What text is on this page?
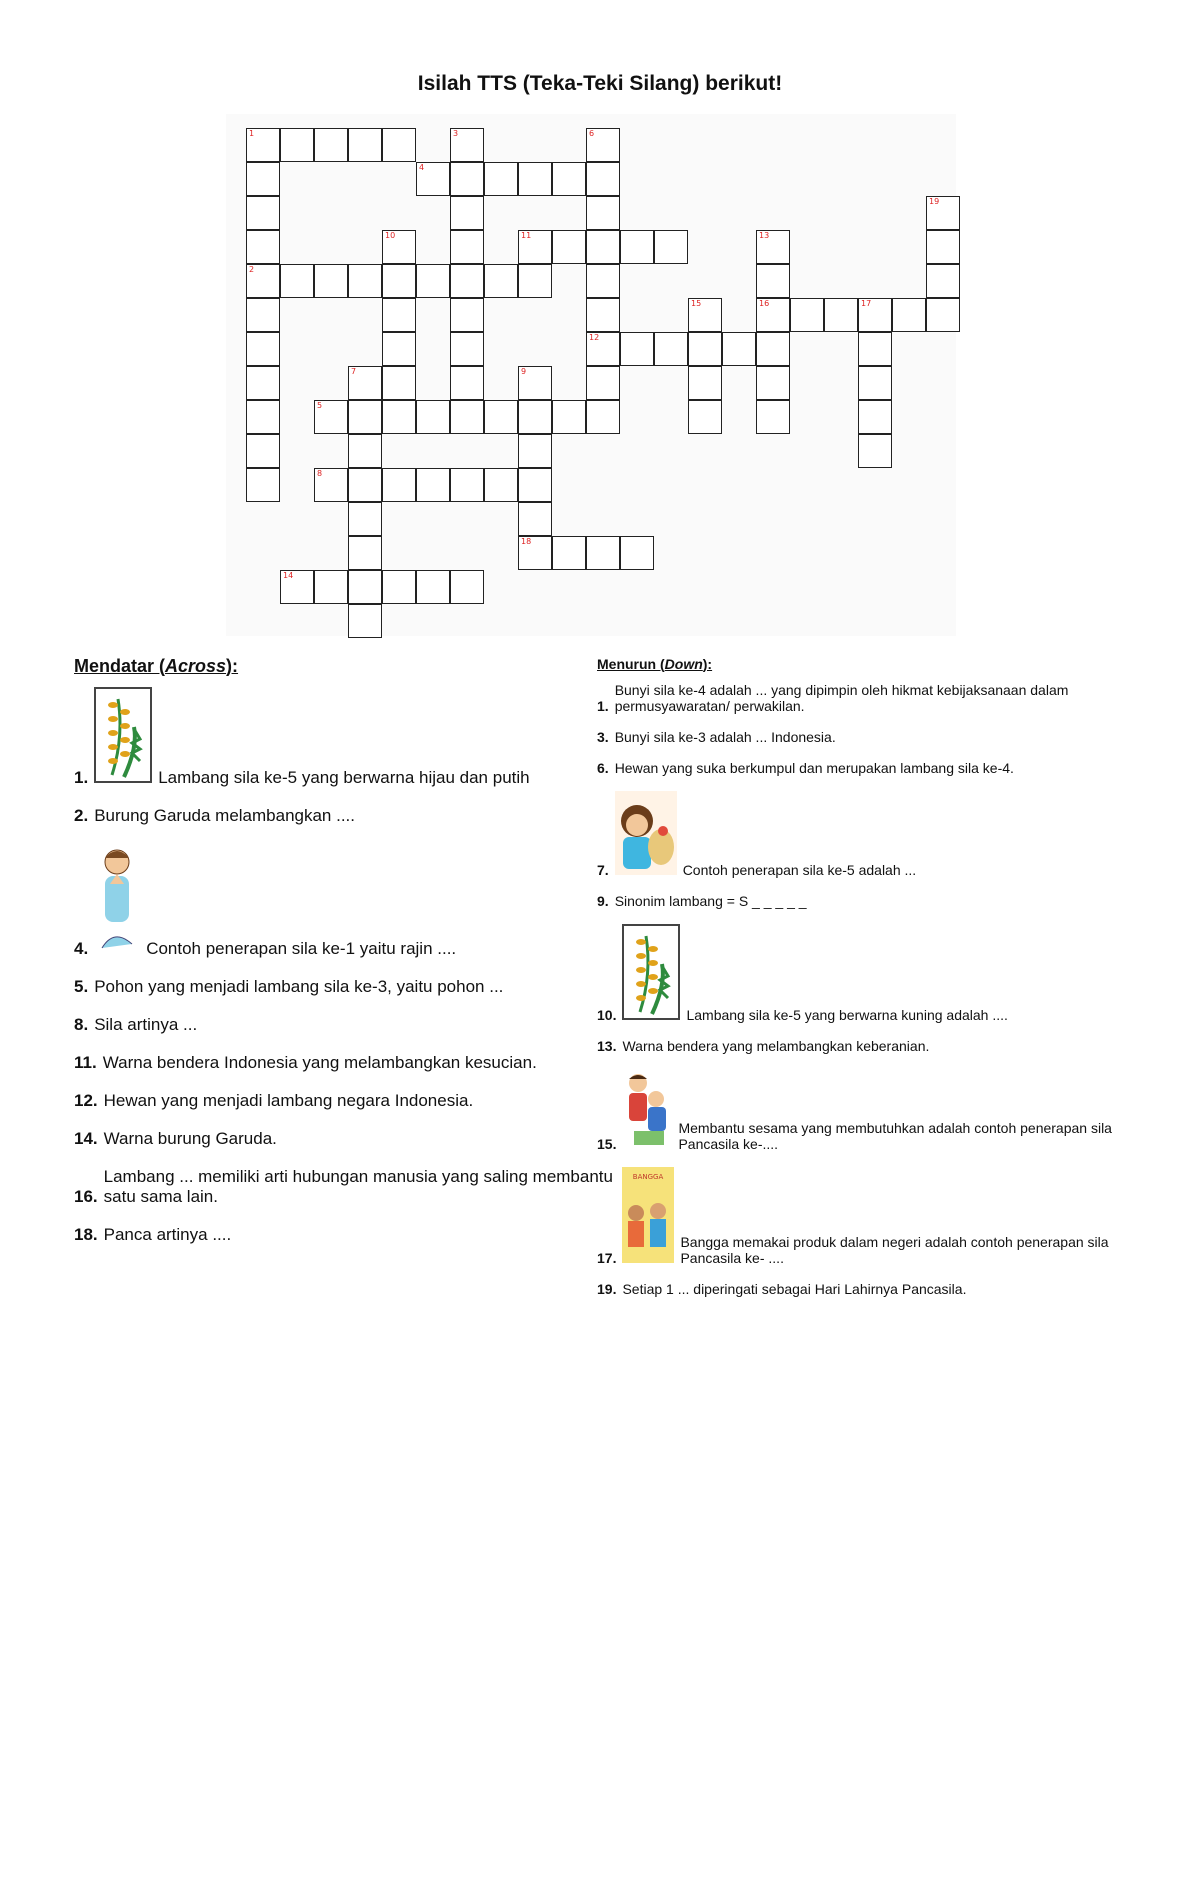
Isilah TTS (Teka-Teki Silang) berikut!
1	3	6
4
19
10	11	13
2
15	16	17
12
7	9
5
8
18
14
Mendatar (Across):
1.	Lambang sila ke-5 yang berwarna hijau dan putih
2. Burung Garuda melambangkan ....
4.	Contoh penerapan sila ke-1 yaitu rajin ....
5. Pohon yang menjadi lambang sila ke-3, yaitu pohon ...
8. Sila artinya ...
11. Warna bendera Indonesia yang melambangkan kesucian.
12. Hewan yang menjadi lambang negara Indonesia.
14. Warna burung Garuda.
16.
Lambang ... memiliki arti hubungan manusia yang saling membantu satu sama lain.
18. Panca artinya ....
Menurun (Down):
1.
Bunyi sila ke-4 adalah ... yang dipimpin oleh hikmat kebijaksanaan dalam permusyawaratan/ perwakilan.
3. Bunyi sila ke-3 adalah ... Indonesia.
6. Hewan yang suka berkumpul dan merupakan lambang sila ke-4.
7.	Contoh penerapan sila ke-5 adalah ...
9. Sinonim lambang = S _ _ _ _ _
10.	Lambang sila ke-5 yang berwarna kuning adalah ....
13. Warna bendera yang melambangkan keberanian.
15.
Membantu sesama yang membutuhkan adalah contoh penerapan sila Pancasila ke-....
17.
BANGGA
Bangga memakai produk dalam negeri adalah contoh penerapan sila Pancasila ke- ....
19. Setiap 1 ... diperingati sebagai Hari Lahirnya Pancasila.
